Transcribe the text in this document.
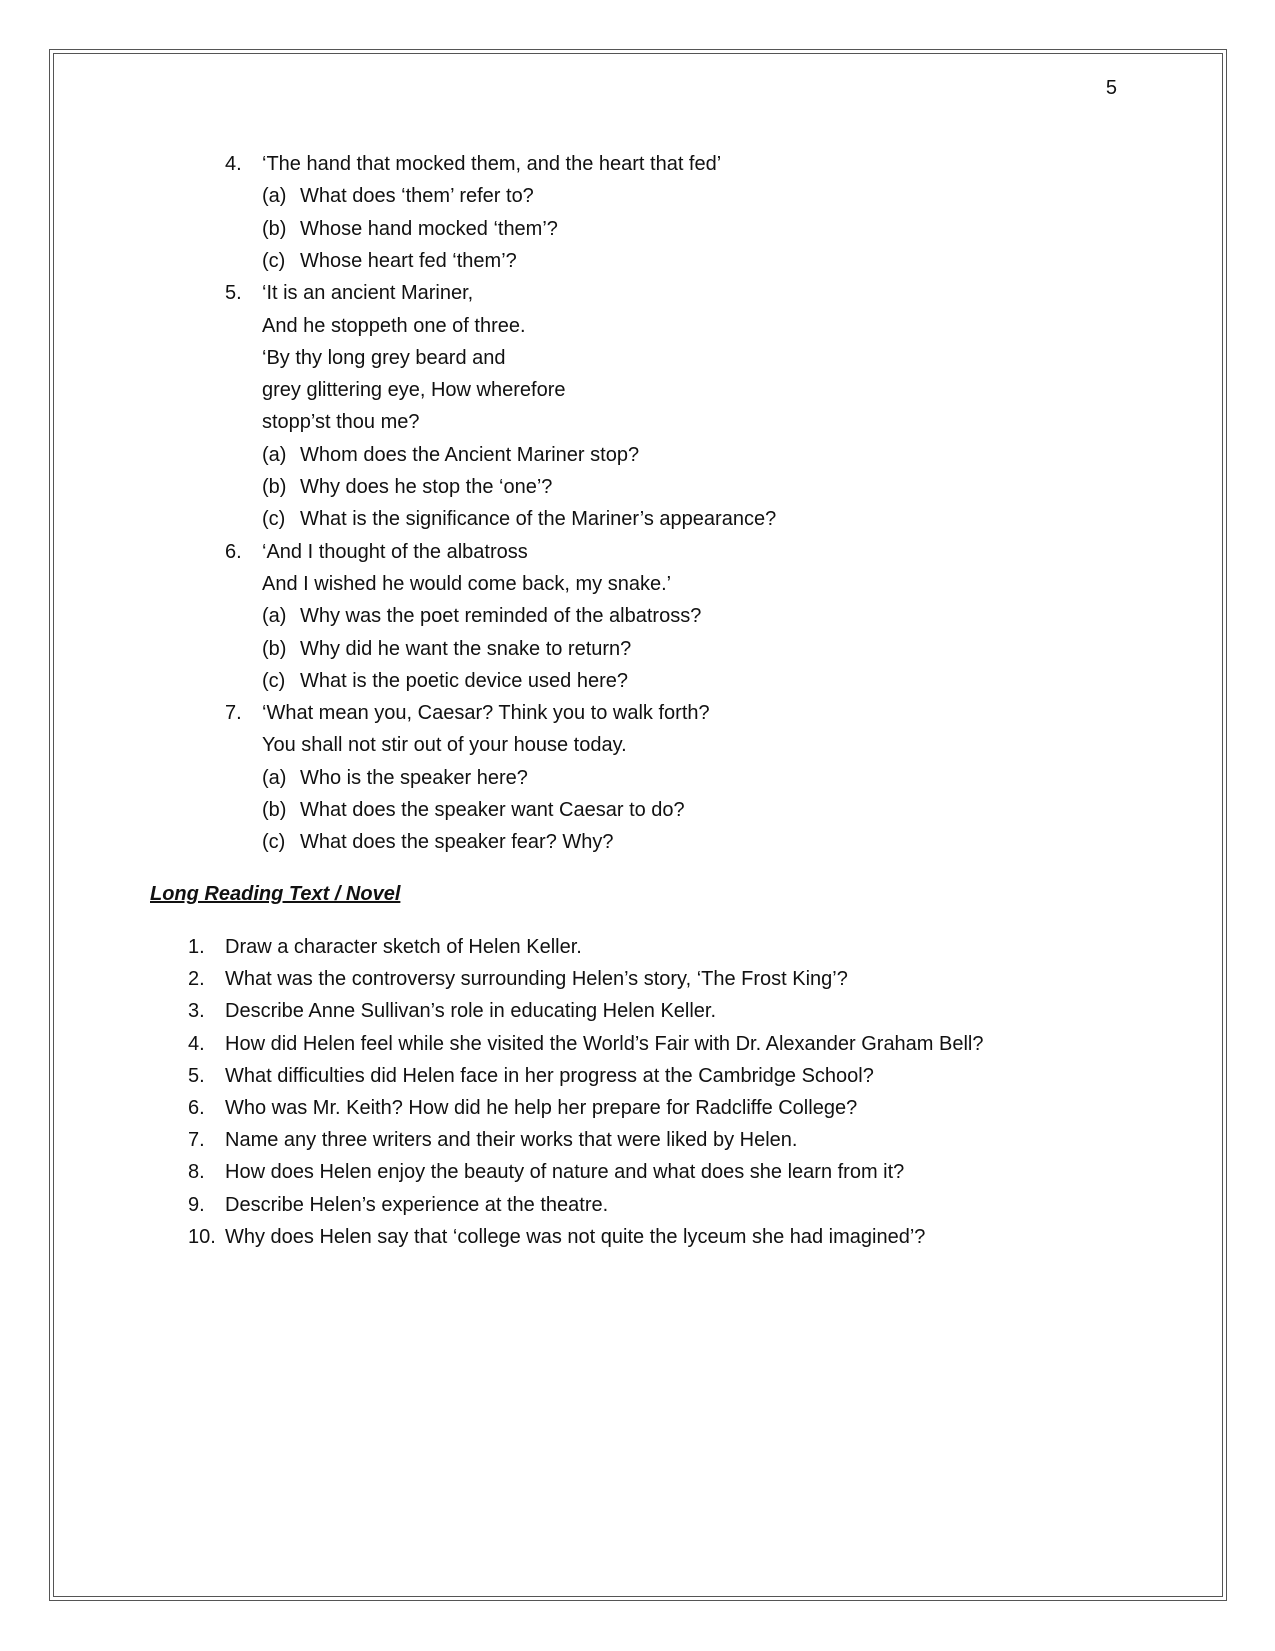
5
4. ‘The hand that mocked them, and the heart that fed’
(a) What does ‘them’ refer to?
(b) Whose hand mocked ‘them’?
(c) Whose heart fed ‘them’?
5. ‘It is an ancient Mariner,
And he stoppeth one of three.
‘By thy long grey beard and
grey glittering eye, How wherefore
stopp’st thou me?
(a) Whom does the Ancient Mariner stop?
(b) Why does he stop the ‘one’?
(c) What is the significance of the Mariner’s appearance?
6. ‘And I thought of the albatross
And I wished he would come back, my snake.’
(a) Why was the poet reminded of the albatross?
(b) Why did he want the snake to return?
(c) What is the poetic device used here?
7. ‘What mean you, Caesar? Think you to walk forth?
You shall not stir out of your house today.
(a) Who is the speaker here?
(b) What does the speaker want Caesar to do?
(c) What does the speaker fear? Why?
Long Reading Text / Novel
1. Draw a character sketch of Helen Keller.
2. What was the controversy surrounding Helen’s story, ‘The Frost King’?
3. Describe Anne Sullivan’s role in educating Helen Keller.
4. How did Helen feel while she visited the World’s Fair with Dr. Alexander Graham Bell?
5. What difficulties did Helen face in her progress at the Cambridge School?
6. Who was Mr. Keith? How did he help her prepare for Radcliffe College?
7. Name any three writers and their works that were liked by Helen.
8. How does Helen enjoy the beauty of nature and what does she learn from it?
9. Describe Helen’s experience at the theatre.
10. Why does Helen say that ‘college was not quite the lyceum she had imagined’?
